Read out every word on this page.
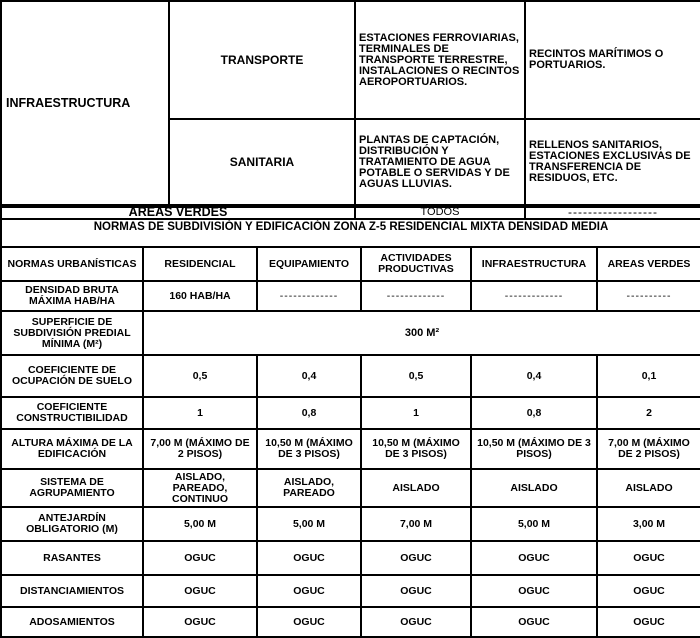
INFRAESTRUCTURA	TRANSPORTE	ESTACIONES FERROVIARIAS, TERMINALES DE TRANSPORTE TERRESTRE, INSTALACIONES O RECINTOS AEROPORTUARIOS.	RECINTOS MARÍTIMOS O PORTUARIOS.
	SANITARIA	PLANTAS DE CAPTACIÓN, DISTRIBUCIÓN Y TRATAMIENTO DE AGUA POTABLE O SERVIDAS Y DE AGUAS LLUVIAS.	RELLENOS SANITARIOS, ESTACIONES EXCLUSIVAS DE TRANSFERENCIA DE RESIDUOS, ETC.
AREAS VERDES		TODOS	------------------
NORMAS DE SUBDIVISIÓN Y EDIFICACIÓN ZONA Z-5 RESIDENCIAL MIXTA DENSIDAD MEDIA					
NORMAS URBANÍSTICAS	RESIDENCIAL	EQUIPAMIENTO	ACTIVIDADES PRODUCTIVAS	INFRAESTRUCTURA	AREAS VERDES
DENSIDAD BRUTA MÁXIMA HAB/HA	160 HAB/HA	-------------	-------------	-------------	----------
SUPERFICIE DE SUBDIVISIÓN PREDIAL MÍNIMA (M²)	300 M²				
COEFICIENTE DE OCUPACIÓN DE SUELO	0,5	0,4	0,5	0,4	0,1
COEFICIENTE CONSTRUCTIBILIDAD	1	0,8	1	0,8	2
ALTURA MÁXIMA DE LA EDIFICACIÓN	7,00 M (MÁXIMO DE 2 PISOS)	10,50 M (MÁXIMO DE 3 PISOS)	10,50 M (MÁXIMO DE 3 PISOS)	10,50 M (MÁXIMO DE 3 PISOS)	7,00 M (MÁXIMO DE 2 PISOS)
SISTEMA DE AGRUPAMIENTO	AISLADO, PAREADO, CONTINUO	AISLADO, PAREADO	AISLADO	AISLADO	AISLADO
ANTEJARDÍN OBLIGATORIO (M)	5,00 M	5,00 M	7,00 M	5,00 M	3,00 M
RASANTES	OGUC	OGUC	OGUC	OGUC	OGUC
DISTANCIAMIENTOS	OGUC	OGUC	OGUC	OGUC	OGUC
ADOSAMIENTOS	OGUC	OGUC	OGUC	OGUC	OGUC
